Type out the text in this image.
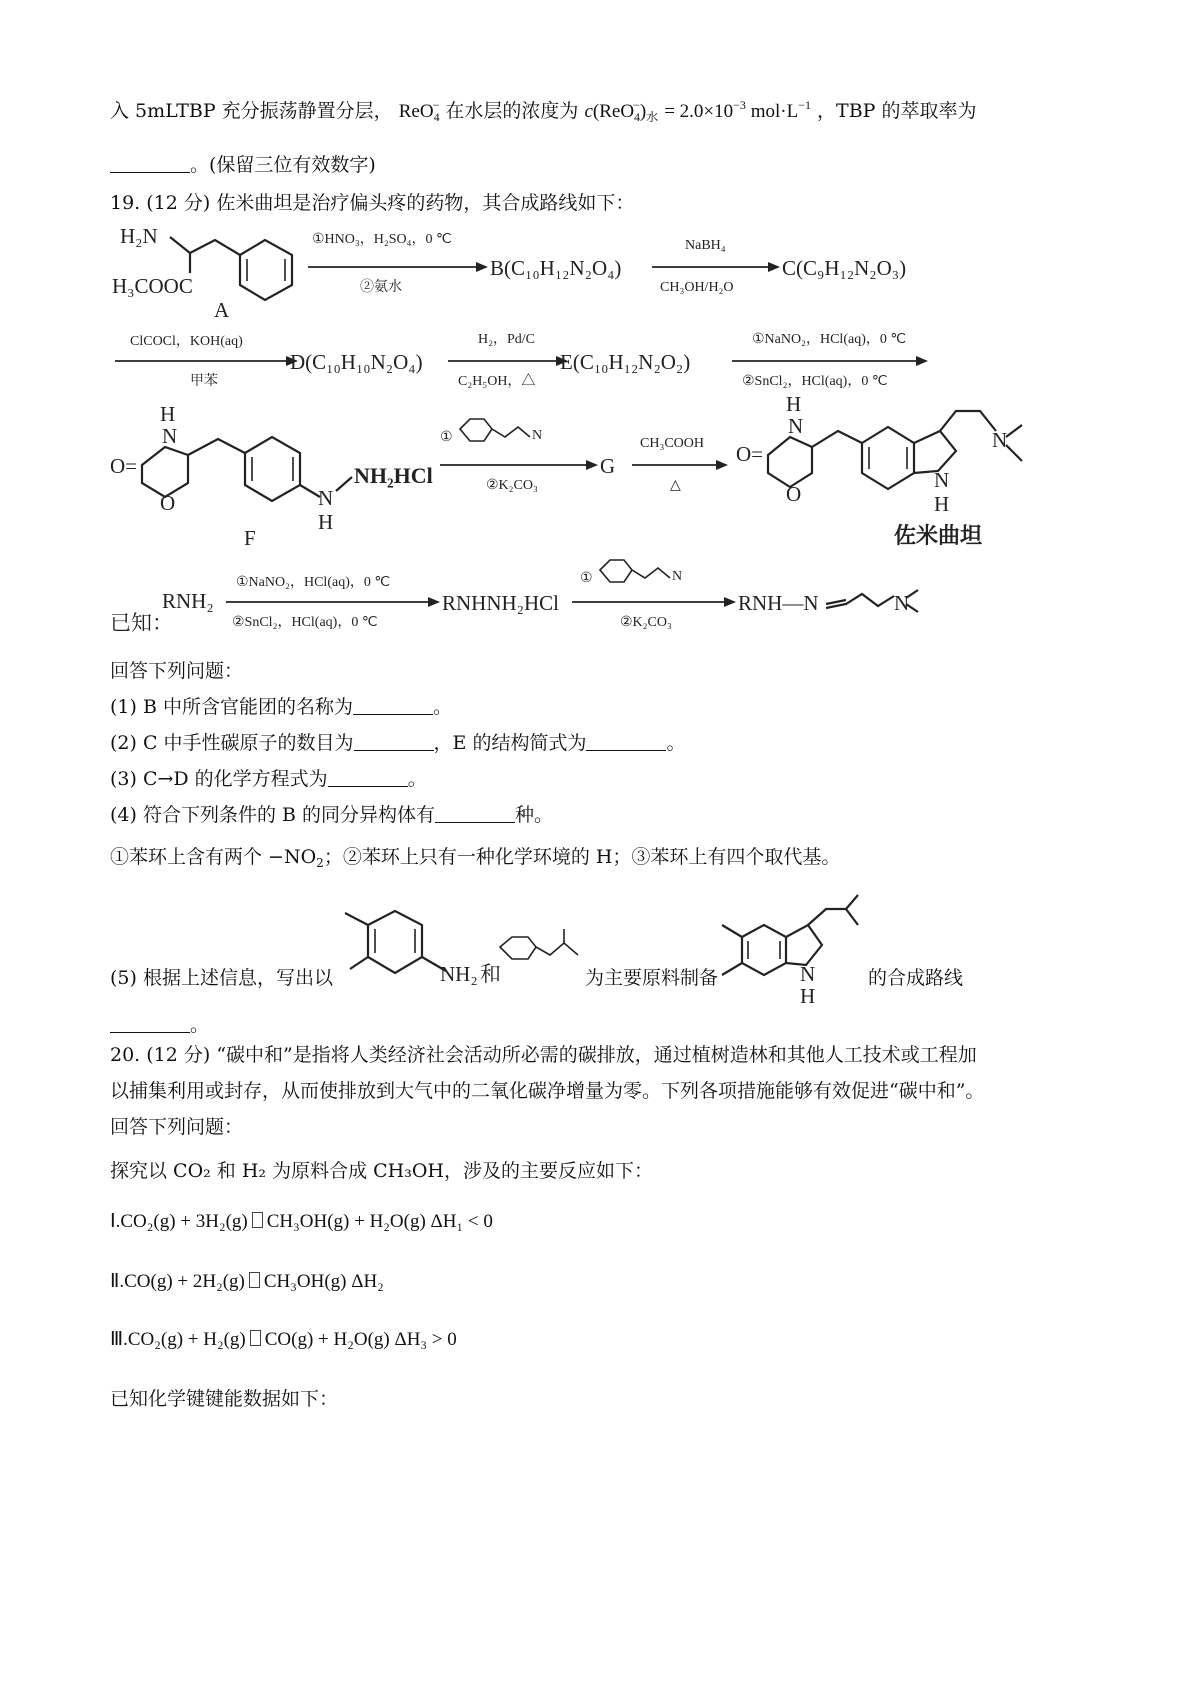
入 5mLTBP 充分振荡静置分层， ReO$_4$− 在水层的浓度为 $c(ReO_4^-)_水 = 2.0\times 10^{-3}$ $mol\cdot L^{-1}$ ，TBP 的萃取率为
。(保留三位有效数字)
19. (12 分) 佐米曲坦是治疗偏头疼的药物，其合成路线如下：
H₂N
H₃COOC
A
①HNO₃，H₂SO₄，0 ℃
②氨水
B(C₁₀H₁₂N₂O₄)
NaBH₄
CH₃OH/H₂O
C(C₉H₁₂N₂O₃)
ClCOCl，KOH(aq)
甲苯
D(C₁₀H₁₀N₂O₄)
H₂，Pd/C
C₂H₅OH，△
E(C₁₀H₁₂N₂O₂)
①NaNO₂，HCl(aq)，0 ℃
②SnCl₂，HCl(aq)，0 ℃
H
N
O=
O	N
H
NH₂HCl
F
①	N
②K₂CO₃
G
CH₃COOH
△
H
N
O=
O
N
N
H
佐米曲坦
已知：
RNH₂
①NaNO₂，HCl(aq)，0 ℃
②SnCl₂，HCl(aq)，0 ℃
RNHNH₂HCl
①	N
②K₂CO₃
RNH—N	N
回答下列问题：
(1) B 中所含官能团的名称为	。
(2) C 中手性碳原子的数目为	，E 的结构简式为	。
(3) C→D 的化学方程式为	。
(4) 符合下列条件的 B 的同分异构体有	种。
①苯环上含有两个 $-NO_2$；②苯环上只有一种化学环境的 H；③苯环上有四个取代基。
NH₂ 和	N
H
(5) 根据上述信息，写出以	为主要原料制备	的合成路线
。
20. (12 分) “碳中和”是指将人类经济社会活动所必需的碳排放，通过植树造林和其他人工技术或工程加
以捕集利用或封存，从而使排放到大气中的二氧化碳净增量为零。下列各项措施能够有效促进“碳中和”。
回答下列问题：
探究以 CO₂ 和 H₂ 为原料合成 CH₃OH，涉及的主要反应如下：
Ⅰ.CO₂(g) + 3H₂(g) CH₃OH(g) + H₂O(g) ΔH₁ < 0
Ⅱ.CO(g) + 2H₂(g) CH₃OH(g) ΔH₂
Ⅲ.CO₂(g) + H₂(g) CO(g) + H₂O(g) ΔH₃ > 0
已知化学键键能数据如下：
